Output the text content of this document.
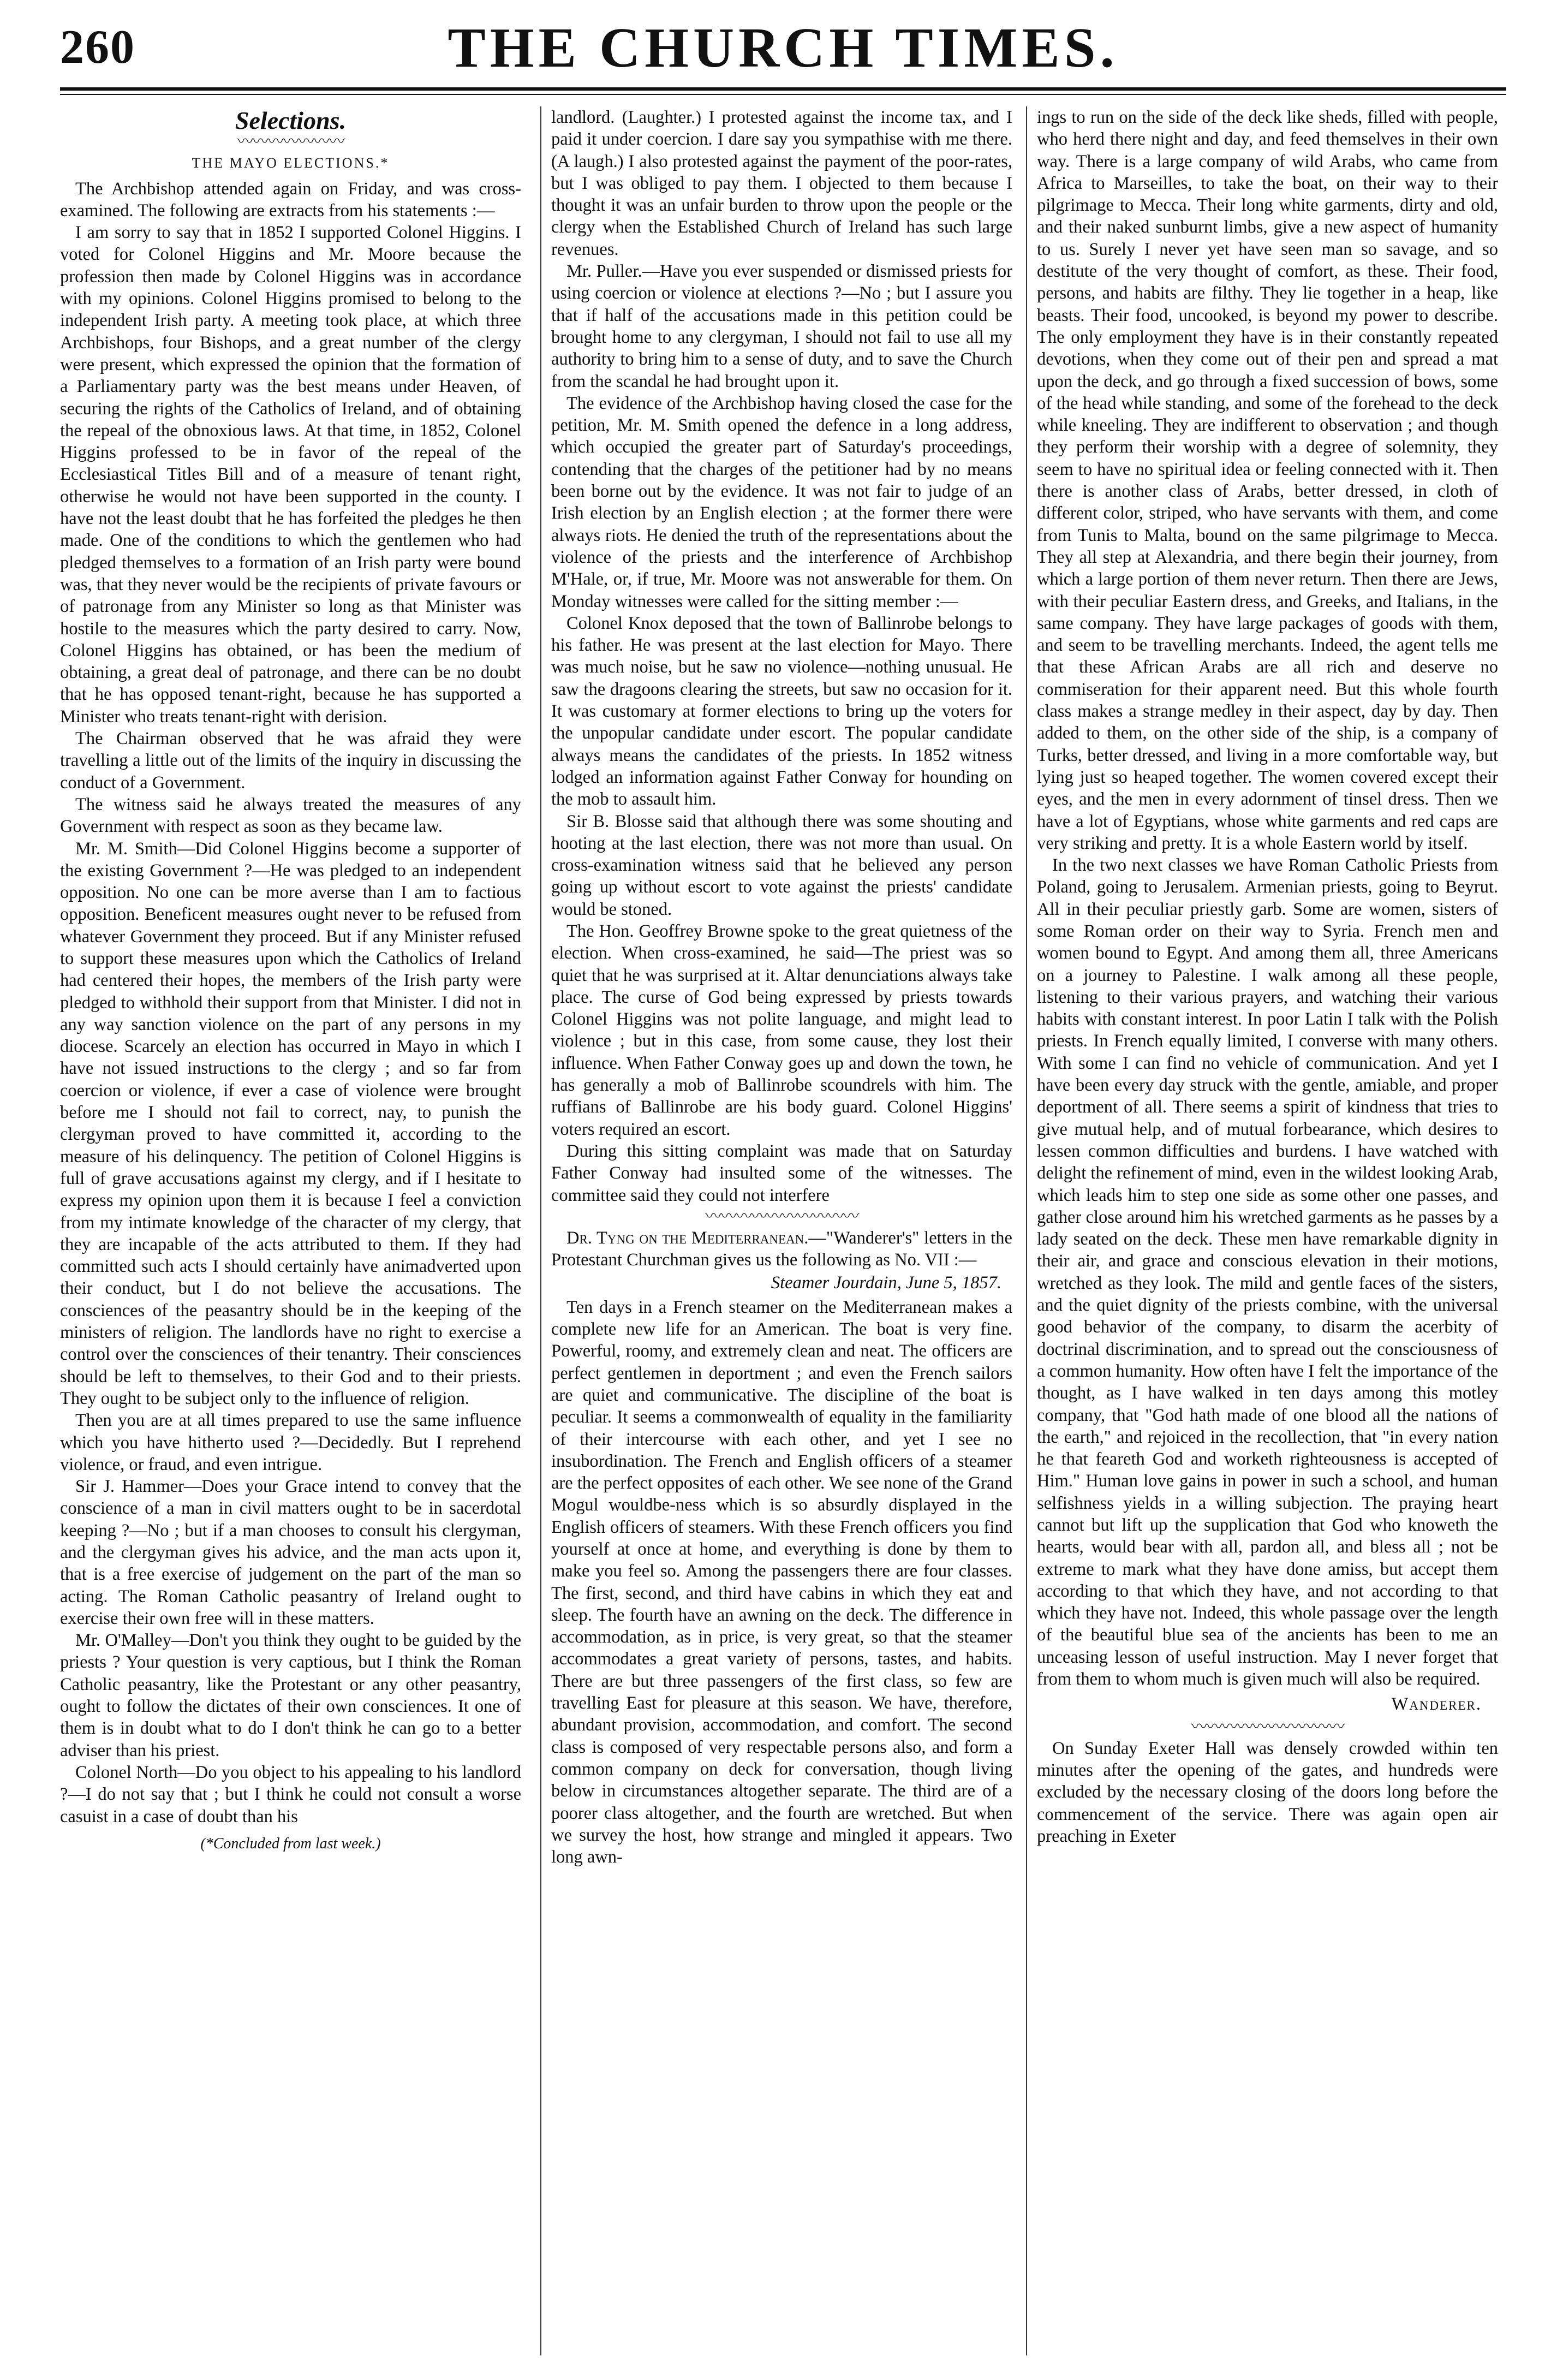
260	THE CHURCH TIMES.
Selections.
〰〰〰〰〰〰〰
THE MAYO ELECTIONS.*

The Archbishop attended again on Friday, and was cross-examined. The following are extracts from his statements :—

I am sorry to say that in 1852 I supported Colonel Higgins. I voted for Colonel Higgins and Mr. Moore because the profession then made by Colonel Higgins was in accordance with my opinions. Colonel Higgins promised to belong to the independent Irish party. A meeting took place, at which three Archbishops, four Bishops, and a great number of the clergy were present, which expressed the opinion that the formation of a Parliamentary party was the best means under Heaven, of securing the rights of the Catholics of Ireland, and of obtaining the repeal of the obnoxious laws. At that time, in 1852, Colonel Higgins professed to be in favor of the repeal of the Ecclesiastical Titles Bill and of a measure of tenant right, otherwise he would not have been supported in the county. I have not the least doubt that he has forfeited the pledges he then made. One of the conditions to which the gentlemen who had pledged themselves to a formation of an Irish party were bound was, that they never would be the recipients of private favours or of patronage from any Minister so long as that Minister was hostile to the measures which the party desired to carry. Now, Colonel Higgins has obtained, or has been the medium of obtaining, a great deal of patronage, and there can be no doubt that he has opposed tenant-right, because he has supported a Minister who treats tenant-right with derision.

The Chairman observed that he was afraid they were travelling a little out of the limits of the inquiry in discussing the conduct of a Government.

The witness said he always treated the measures of any Government with respect as soon as they became law.

Mr. M. Smith—Did Colonel Higgins become a supporter of the existing Government ?—He was pledged to an independent opposition. No one can be more averse than I am to factious opposition. Beneficent measures ought never to be refused from whatever Government they proceed. But if any Minister refused to support these measures upon which the Catholics of Ireland had centered their hopes, the members of the Irish party were pledged to withhold their support from that Minister. I did not in any way sanction violence on the part of any persons in my diocese. Scarcely an election has occurred in Mayo in which I have not issued instructions to the clergy ; and so far from coercion or violence, if ever a case of violence were brought before me I should not fail to correct, nay, to punish the clergyman proved to have committed it, according to the measure of his delinquency. The petition of Colonel Higgins is full of grave accusations against my clergy, and if I hesitate to express my opinion upon them it is because I feel a conviction from my intimate knowledge of the character of my clergy, that they are incapable of the acts attributed to them. If they had committed such acts I should certainly have animadverted upon their conduct, but I do not believe the accusations. The consciences of the peasantry should be in the keeping of the ministers of religion. The landlords have no right to exercise a control over the consciences of their tenantry. Their consciences should be left to themselves, to their God and to their priests. They ought to be subject only to the influence of religion.

Then you are at all times prepared to use the same influence which you have hitherto used ?—Decidedly. But I reprehend violence, or fraud, and even intrigue.

Sir J. Hammer—Does your Grace intend to convey that the conscience of a man in civil matters ought to be in sacerdotal keeping ?—No ; but if a man chooses to consult his clergyman, and the clergyman gives his advice, and the man acts upon it, that is a free exercise of judgement on the part of the man so acting. The Roman Catholic peasantry of Ireland ought to exercise their own free will in these matters.

Mr. O'Malley—Don't you think they ought to be guided by the priests ? Your question is very captious, but I think the Roman Catholic peasantry, like the Protestant or any other peasantry, ought to follow the dictates of their own consciences. It one of them is in doubt what to do I don't think he can go to a better adviser than his priest.

Colonel North—Do you object to his appealing to his landlord ?—I do not say that ; but I think he could not consult a worse casuist in a case of doubt than his

(*Concluded from last week.)

landlord. (Laughter.) I protested against the income tax, and I paid it under coercion. I dare say you sympathise with me there. (A laugh.) I also protested against the payment of the poor-rates, but I was obliged to pay them. I objected to them because I thought it was an unfair burden to throw upon the people or the clergy when the Established Church of Ireland has such large revenues.

Mr. Puller.—Have you ever suspended or dismissed priests for using coercion or violence at elections ?—No ; but I assure you that if half of the accusations made in this petition could be brought home to any clergyman, I should not fail to use all my authority to bring him to a sense of duty, and to save the Church from the scandal he had brought upon it.

The evidence of the Archbishop having closed the case for the petition, Mr. M. Smith opened the defence in a long address, which occupied the greater part of Saturday's proceedings, contending that the charges of the petitioner had by no means been borne out by the evidence. It was not fair to judge of an Irish election by an English election ; at the former there were always riots. He denied the truth of the representations about the violence of the priests and the interference of Archbishop M'Hale, or, if true, Mr. Moore was not answerable for them. On Monday witnesses were called for the sitting member :—

Colonel Knox deposed that the town of Ballinrobe belongs to his father. He was present at the last election for Mayo. There was much noise, but he saw no violence—nothing unusual. He saw the dragoons clearing the streets, but saw no occasion for it. It was customary at former elections to bring up the voters for the unpopular candidate under escort. The popular candidate always means the candidates of the priests. In 1852 witness lodged an information against Father Conway for hounding on the mob to assault him.

Sir B. Blosse said that although there was some shouting and hooting at the last election, there was not more than usual. On cross-examination witness said that he believed any person going up without escort to vote against the priests' candidate would be stoned.

The Hon. Geoffrey Browne spoke to the great quietness of the election. When cross-examined, he said—The priest was so quiet that he was surprised at it. Altar denunciations always take place. The curse of God being expressed by priests towards Colonel Higgins was not polite language, and might lead to violence ; but in this case, from some cause, they lost their influence. When Father Conway goes up and down the town, he has generally a mob of Ballinrobe scoundrels with him. The ruffians of Ballinrobe are his body guard. Colonel Higgins' voters required an escort.

During this sitting complaint was made that on Saturday Father Conway had insulted some of the witnesses. The committee said they could not interfere

〰〰〰〰〰〰〰〰〰〰

Dr. Tyng on the Mediterranean.—"Wanderer's" letters in the Protestant Churchman gives us the following as No. VII :—

Steamer Jourdain, June 5, 1857.

Ten days in a French steamer on the Mediterranean makes a complete new life for an American. The boat is very fine. Powerful, roomy, and extremely clean and neat. The officers are perfect gentlemen in deportment ; and even the French sailors are quiet and communicative. The discipline of the boat is peculiar. It seems a commonwealth of equality in the familiarity of their intercourse with each other, and yet I see no insubordination. The French and English officers of a steamer are the perfect opposites of each other. We see none of the Grand Mogul wouldbe-ness which is so absurdly displayed in the English officers of steamers. With these French officers you find yourself at once at home, and everything is done by them to make you feel so. Among the passengers there are four classes. The first, second, and third have cabins in which they eat and sleep. The fourth have an awning on the deck. The difference in accommodation, as in price, is very great, so that the steamer accommodates a great variety of persons, tastes, and habits. There are but three passengers of the first class, so few are travelling East for pleasure at this season. We have, therefore, abundant provision, accommodation, and comfort. The second class is composed of very respectable persons also, and form a common company on deck for conversation, though living below in circumstances altogether separate. The third are of a poorer class altogether, and the fourth are wretched. But when we survey the host, how strange and mingled it appears. Two long awn-

ings to run on the side of the deck like sheds, filled with people, who herd there night and day, and feed themselves in their own way. There is a large company of wild Arabs, who came from Africa to Marseilles, to take the boat, on their way to their pilgrimage to Mecca. Their long white garments, dirty and old, and their naked sunburnt limbs, give a new aspect of humanity to us. Surely I never yet have seen man so savage, and so destitute of the very thought of comfort, as these. Their food, persons, and habits are filthy. They lie together in a heap, like beasts. Their food, uncooked, is beyond my power to describe. The only employment they have is in their constantly repeated devotions, when they come out of their pen and spread a mat upon the deck, and go through a fixed succession of bows, some of the head while standing, and some of the forehead to the deck while kneeling. They are indifferent to observation ; and though they perform their worship with a degree of solemnity, they seem to have no spiritual idea or feeling connected with it. Then there is another class of Arabs, better dressed, in cloth of different color, striped, who have servants with them, and come from Tunis to Malta, bound on the same pilgrimage to Mecca. They all step at Alexandria, and there begin their journey, from which a large portion of them never return. Then there are Jews, with their peculiar Eastern dress, and Greeks, and Italians, in the same company. They have large packages of goods with them, and seem to be travelling merchants. Indeed, the agent tells me that these African Arabs are all rich and deserve no commiseration for their apparent need. But this whole fourth class makes a strange medley in their aspect, day by day. Then added to them, on the other side of the ship, is a company of Turks, better dressed, and living in a more comfortable way, but lying just so heaped together. The women covered except their eyes, and the men in every adornment of tinsel dress. Then we have a lot of Egyptians, whose white garments and red caps are very striking and pretty. It is a whole Eastern world by itself.

In the two next classes we have Roman Catholic Priests from Poland, going to Jerusalem. Armenian priests, going to Beyrut. All in their peculiar priestly garb. Some are women, sisters of some Roman order on their way to Syria. French men and women bound to Egypt. And among them all, three Americans on a journey to Palestine. I walk among all these people, listening to their various prayers, and watching their various habits with constant interest. In poor Latin I talk with the Polish priests. In French equally limited, I converse with many others. With some I can find no vehicle of communication. And yet I have been every day struck with the gentle, amiable, and proper deportment of all. There seems a spirit of kindness that tries to give mutual help, and of mutual forbearance, which desires to lessen common difficulties and burdens. I have watched with delight the refinement of mind, even in the wildest looking Arab, which leads him to step one side as some other one passes, and gather close around him his wretched garments as he passes by a lady seated on the deck. These men have remarkable dignity in their air, and grace and conscious elevation in their motions, wretched as they look. The mild and gentle faces of the sisters, and the quiet dignity of the priests combine, with the universal good behavior of the company, to disarm the acerbity of doctrinal discrimination, and to spread out the consciousness of a common humanity. How often have I felt the importance of the thought, as I have walked in ten days among this motley company, that "God hath made of one blood all the nations of the earth," and rejoiced in the recollection, that "in every nation he that feareth God and worketh righteousness is accepted of Him." Human love gains in power in such a school, and human selfishness yields in a willing subjection. The praying heart cannot but lift up the supplication that God who knoweth the hearts, would bear with all, pardon all, and bless all ; not be extreme to mark what they have done amiss, but accept them according to that which they have, and not according to that which they have not. Indeed, this whole passage over the length of the beautiful blue sea of the ancients has been to me an unceasing lesson of useful instruction. May I never forget that from them to whom much is given much will also be required.

Wanderer.
〰〰〰〰〰〰〰〰〰〰

On Sunday Exeter Hall was densely crowded within ten minutes after the opening of the gates, and hundreds were excluded by the necessary closing of the doors long before the commencement of the service. There was again open air preaching in Exeter
